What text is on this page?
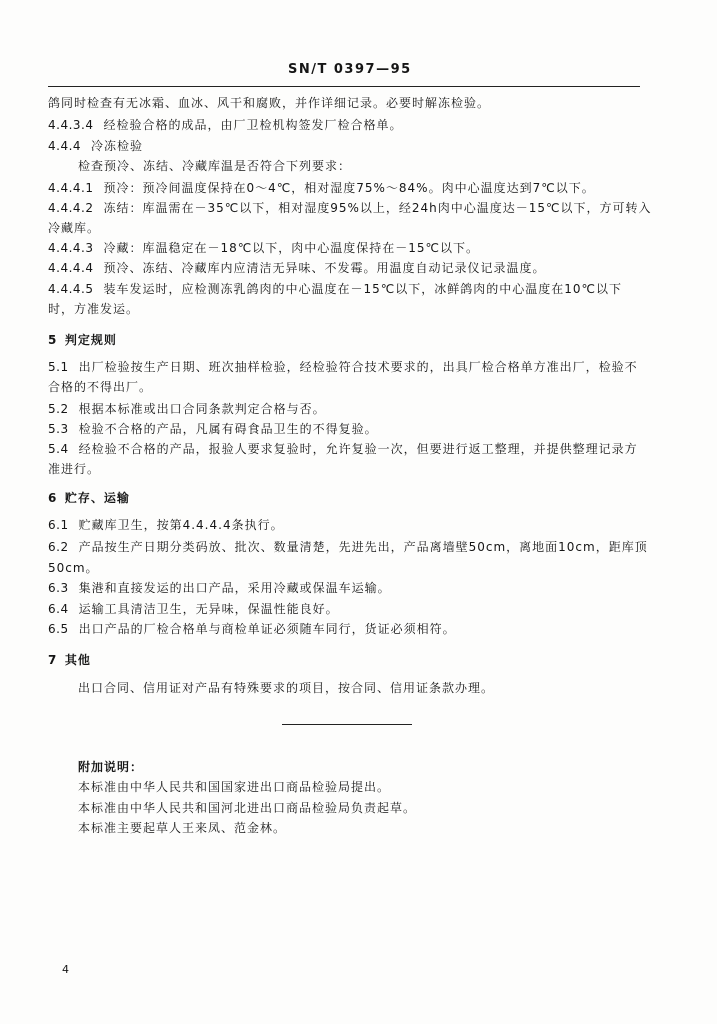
SN/T 0397—95
鸽同时检查有无冰霜、血冰、风干和腐败，并作详细记录。必要时解冻检验。
4.4.3.4 经检验合格的成品，由厂卫检机构签发厂检合格单。
4.4.4 冷冻检验
检查预冷、冻结、冷藏库温是否符合下列要求：
4.4.4.1 预冷：预冷间温度保持在0～4℃，相对湿度75%～84%。肉中心温度达到7℃以下。
4.4.4.2 冻结：库温需在－35℃以下，相对湿度95%以上，经24h肉中心温度达－15℃以下，方可转入
冷藏库。
4.4.4.3 冷藏：库温稳定在－18℃以下，肉中心温度保持在－15℃以下。
4.4.4.4 预冷、冻结、冷藏库内应清洁无异味、不发霉。用温度自动记录仪记录温度。
4.4.4.5 装车发运时，应检测冻乳鸽肉的中心温度在－15℃以下，冰鲜鸽肉的中心温度在10℃以下
时，方准发运。
5 判定规则
5.1 出厂检验按生产日期、班次抽样检验，经检验符合技术要求的，出具厂检合格单方准出厂，检验不
合格的不得出厂。
5.2 根据本标准或出口合同条款判定合格与否。
5.3 检验不合格的产品，凡属有碍食品卫生的不得复验。
5.4 经检验不合格的产品，报验人要求复验时，允许复验一次，但要进行返工整理，并提供整理记录方
准进行。
6 贮存、运输
6.1 贮藏库卫生，按第4.4.4.4条执行。
6.2 产品按生产日期分类码放、批次、数量清楚，先进先出，产品离墙壁50cm，离地面10cm，距库顶
50cm。
6.3 集港和直接发运的出口产品，采用冷藏或保温车运输。
6.4 运输工具清洁卫生，无异味，保温性能良好。
6.5 出口产品的厂检合格单与商检单证必须随车同行，货证必须相符。
7 其他
出口合同、信用证对产品有特殊要求的项目，按合同、信用证条款办理。
附加说明：
本标准由中华人民共和国国家进出口商品检验局提出。
本标准由中华人民共和国河北进出口商品检验局负责起草。
本标准主要起草人王来凤、范金林。
4
